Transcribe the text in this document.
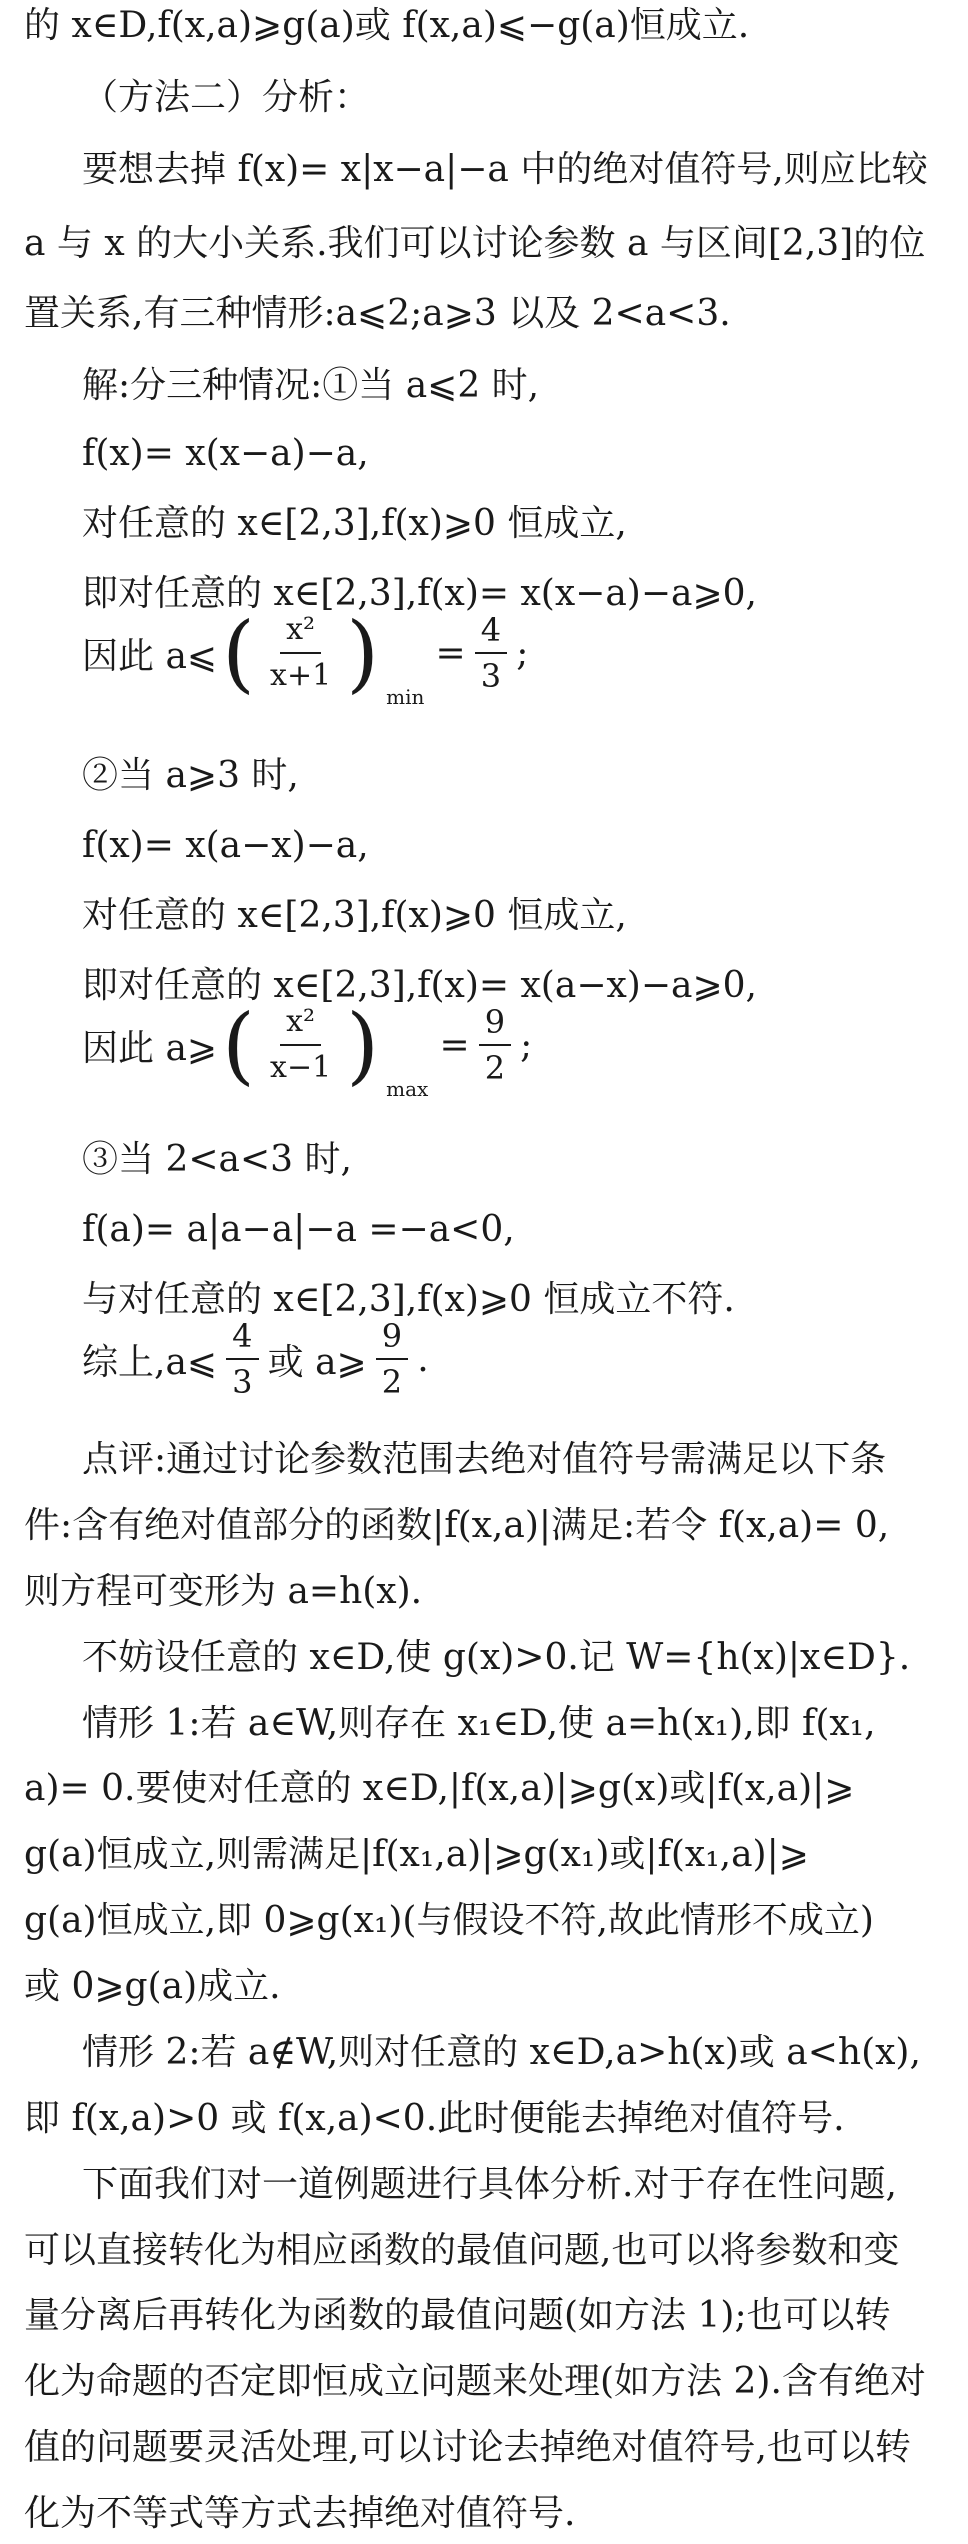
的 x∈D,f(x,a)⩾g(a)或 f(x,a)⩽−g(a)恒成立.
（方法二）分析：
要想去掉 f(x)= x|x−a|−a 中的绝对值符号,则应比较
a 与 x 的大小关系.我们可以讨论参数 a 与区间[2,3]的位
置关系,有三种情形:a⩽2;a⩾3 以及 2<a<3.
解:分三种情况:①当 a⩽2 时,
f(x)= x(x−a)−a,
对任意的 x∈[2,3],f(x)⩾0 恒成立,
即对任意的 x∈[2,3],f(x)= x(x−a)−a⩾0,
因此 a⩽ ( $\frac{\text{x²}}{x+1}$ ) $\min = \frac{4}{3}$ ;
②当 a⩾3 时,
f(x)= x(a−x)−a,
对任意的 x∈[2,3],f(x)⩾0 恒成立,
即对任意的 x∈[2,3],f(x)= x(a−x)−a⩾0,
因此 a⩾ ( $\frac{\text{x²}}{x-1}$ ) $\max = \frac{9}{2}$ ;
③当 2<a<3 时,
f(a)= a|a−a|−a =−a<0,
与对任意的 x∈[2,3],f(x)⩾0 恒成立不符.
综上,a⩽ $\frac{4}{3}$ 或 a⩾ $\frac{9}{2}$ .
点评:通过讨论参数范围去绝对值符号需满足以下条
件:含有绝对值部分的函数|f(x,a)|满足:若令 f(x,a)= 0,
则方程可变形为 a=h(x).
不妨设任意的 x∈D,使 g(x)>0.记 W={h(x)|x∈D}.
情形 1:若 a∈W,则存在 x₁∈D,使 a=h(x₁),即 f(x₁,
a)= 0.要使对任意的 x∈D,|f(x,a)|⩾g(x)或|f(x,a)|⩾
g(a)恒成立,则需满足|f(x₁,a)|⩾g(x₁)或|f(x₁,a)|⩾
g(a)恒成立,即 0⩾g(x₁)(与假设不符,故此情形不成立)
或 0⩾g(a)成立.
情形 2:若 a∉W,则对任意的 x∈D,a>h(x)或 a<h(x),
即 f(x,a)>0 或 f(x,a)<0.此时便能去掉绝对值符号.
下面我们对一道例题进行具体分析.对于存在性问题,
可以直接转化为相应函数的最值问题,也可以将参数和变
量分离后再转化为函数的最值问题(如方法 1);也可以转
化为命题的否定即恒成立问题来处理(如方法 2).含有绝对
值的问题要灵活处理,可以讨论去掉绝对值符号,也可以转
化为不等式等方式去掉绝对值符号.
